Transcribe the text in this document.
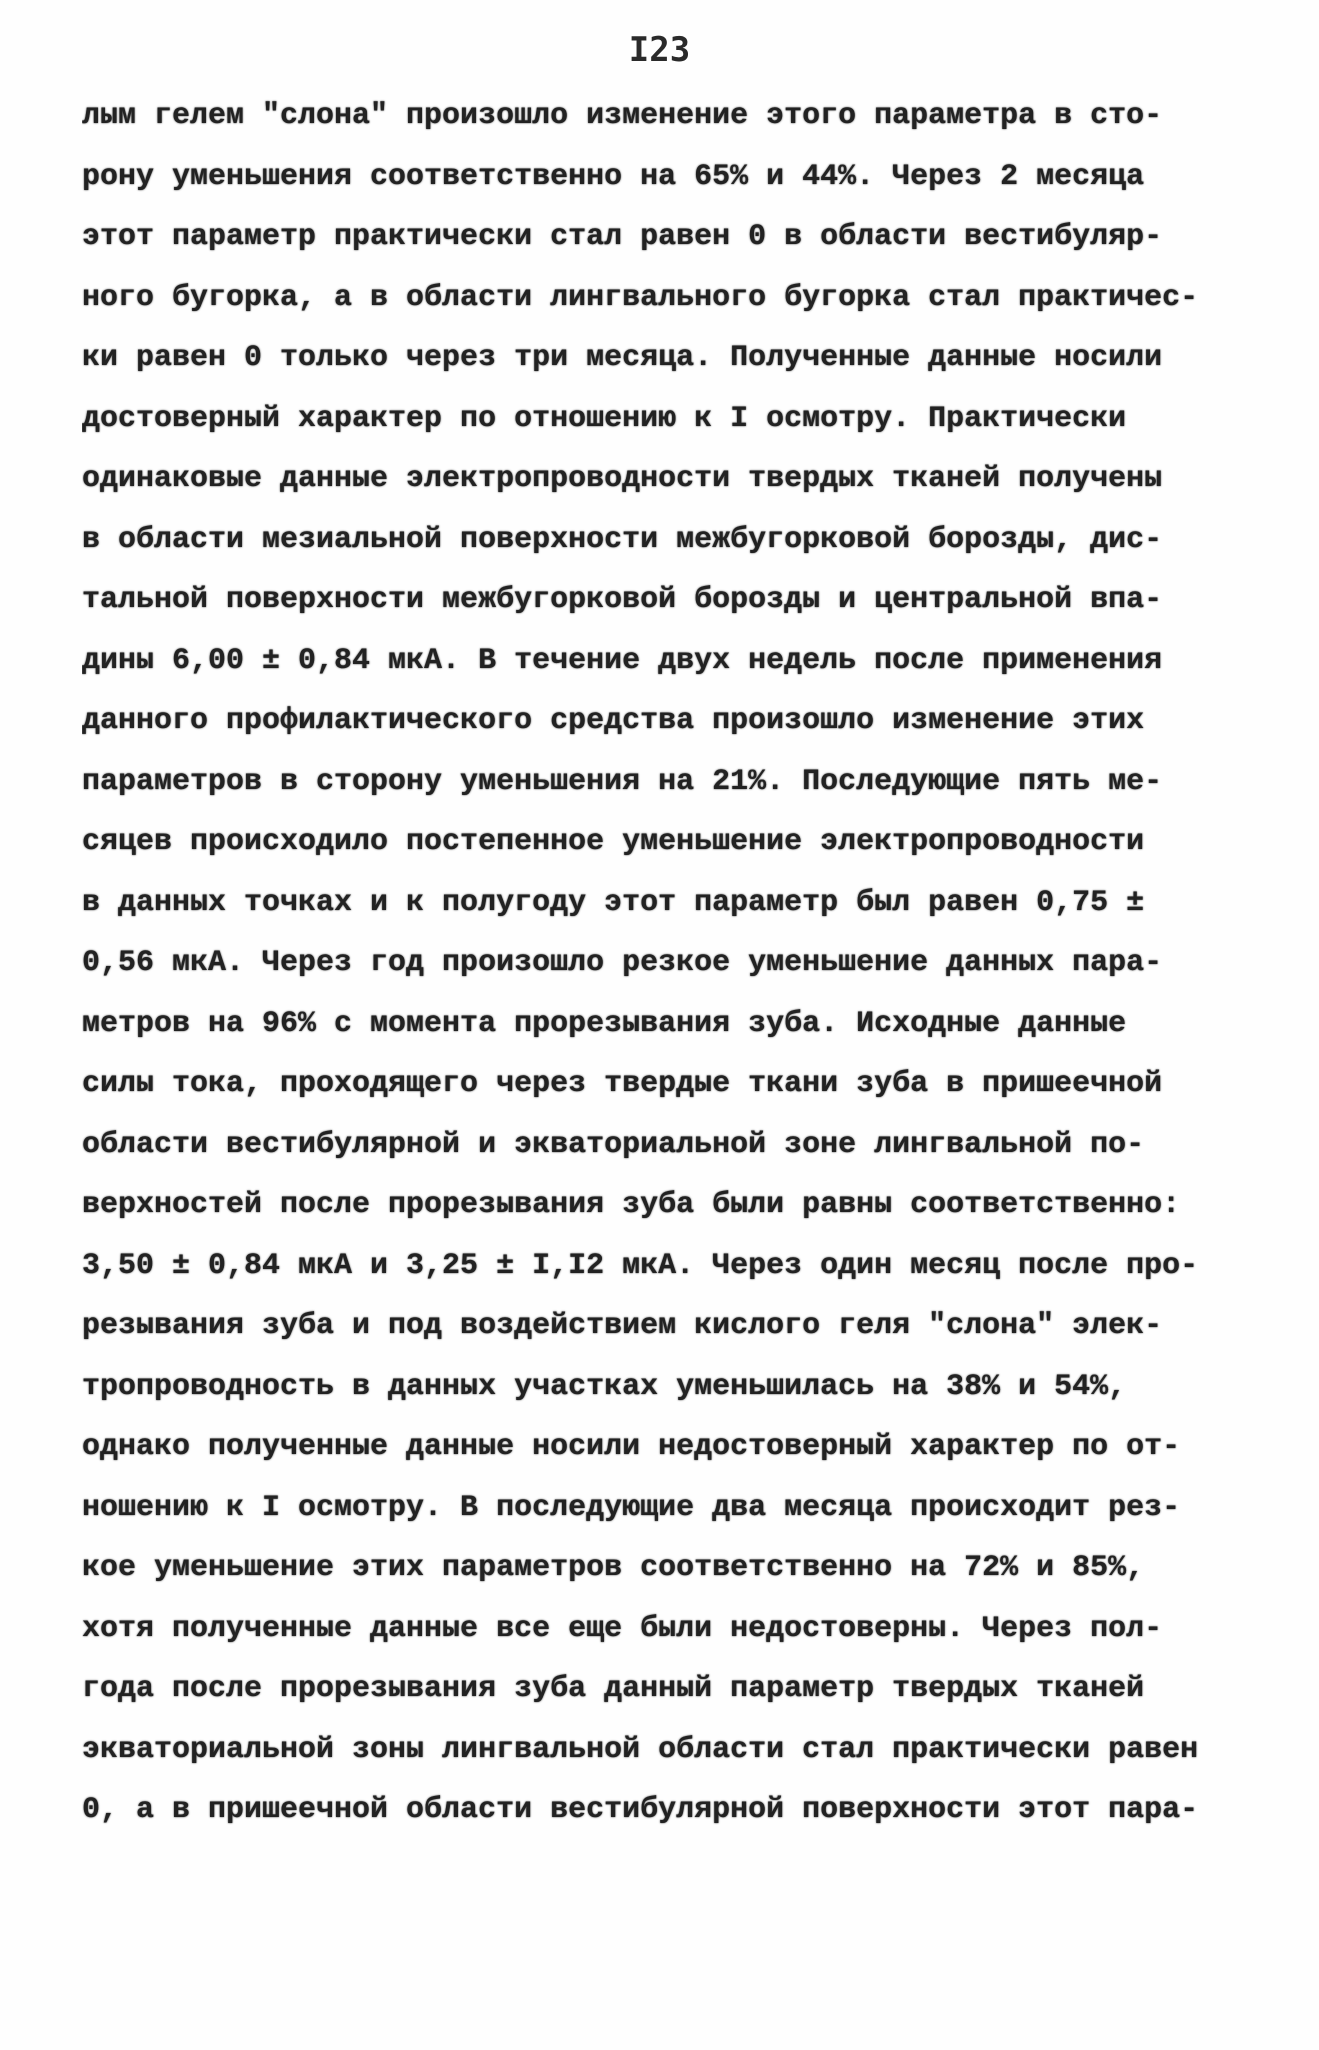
I23
лым гелем "слона" произошло изменение этого параметра в сто-
рону уменьшения соответственно на 65% и 44%. Через 2 месяца
этот параметр практически стал равен 0 в области вестибуляр-
ного бугорка, а в области лингвального бугорка стал практичес-
ки равен 0 только через три месяца. Полученные данные носили
достоверный характер по отношению к I осмотру. Практически
одинаковые данные электропроводности твердых тканей получены
в области мезиальной поверхности межбугорковой борозды, дис-
тальной поверхности межбугорковой борозды и центральной впа-
дины 6,00 ± 0,84 мкА. В течение двух недель после применения
данного профилактического средства произошло изменение этих
параметров в сторону уменьшения на 21%. Последующие пять ме-
сяцев происходило постепенное уменьшение электропроводности
в данных точках и к полугоду этот параметр был равен 0,75 ±
0,56 мкА. Через год произошло резкое уменьшение данных пара-
метров на 96% с момента прорезывания зуба. Исходные данные
силы тока, проходящего через твердые ткани зуба в пришеечной
области вестибулярной и экваториальной зоне лингвальной по-
верхностей после прорезывания зуба были равны соответственно:
3,50 ± 0,84 мкА и 3,25 ± I,I2 мкА. Через один месяц после про-
резывания зуба и под воздействием кислого геля "слона" элек-
тропроводность в данных участках уменьшилась на 38% и 54%,
однако полученные данные носили недостоверный характер по от-
ношению к I осмотру. В последующие два месяца происходит рез-
кое уменьшение этих параметров соответственно на 72% и 85%,
хотя полученные данные все еще были недостоверны. Через пол-
года после прорезывания зуба данный параметр твердых тканей
экваториальной зоны лингвальной области стал практически равен
0, а в пришеечной области вестибулярной поверхности этот пара-
